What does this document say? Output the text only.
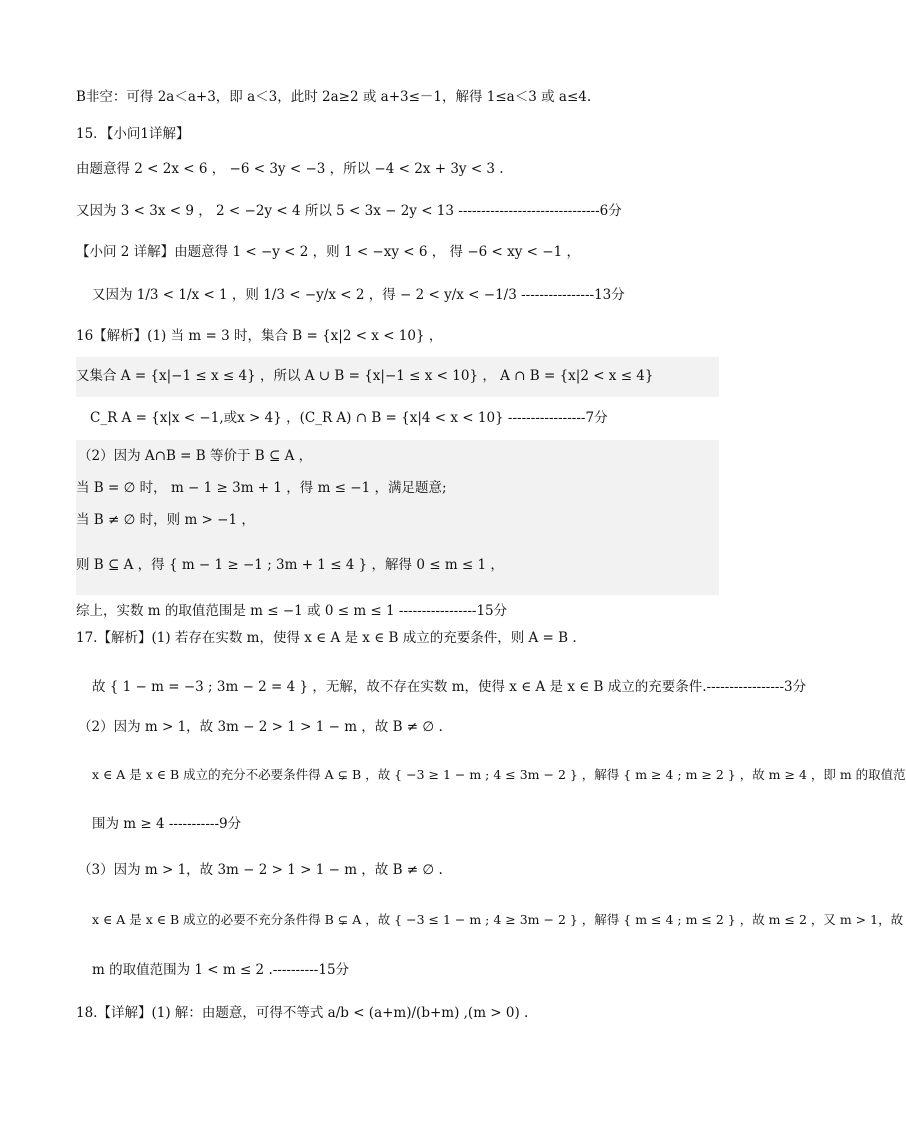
B非空：可得 2a＜a+3，即 a＜3，此时 2a≥2 或 a+3≤－1，解得 1≤a＜3 或 a≤4.
15．【小问1详解】
由题意得 2 < 2x < 6 ， −6 < 3y < −3 ，所以 −4 < 2x + 3y < 3 .
又因为 3 < 3x < 9 ， 2 < −2y < 4 所以 5 < 3x − 2y < 13 -------------------------------6分
【小问 2 详解】由题意得 1 < −y < 2 ，则 1 < −xy < 6 ， 得 −6 < xy < −1 ，
又因为 1/3 < 1/x < 1 ，则 1/3 < −y/x < 2 ，得 − 2 < y/x < −1/3 ----------------13分
16【解析】(1) 当 m = 3 时，集合 B = {x|2 < x < 10} ，
又集合 A = {x|−1 ≤ x ≤ 4} ，所以 A ∪ B = {x|−1 ≤ x < 10} ， A ∩ B = {x|2 < x ≤ 4}
C_R A = {x|x < −1,或x > 4} ，(C_R A) ∩ B = {x|4 < x < 10} -----------------7分
（2）因为 A∩B = B 等价于 B ⊆ A ，
当 B = ∅ 时， m − 1 ≥ 3m + 1 ，得 m ≤ −1 ，满足题意;
当 B ≠ ∅ 时，则 m > −1 ，
则 B ⊆ A ，得 { m − 1 ≥ −1 ; 3m + 1 ≤ 4 } ，解得 0 ≤ m ≤ 1 ，
综上，实数 m 的取值范围是 m ≤ −1 或 0 ≤ m ≤ 1 -----------------15分
17.【解析】(1) 若存在实数 m，使得 x ∈ A 是 x ∈ B 成立的充要条件，则 A = B .
故 { 1 − m = −3 ; 3m − 2 = 4 } ，无解，故不存在实数 m，使得 x ∈ A 是 x ∈ B 成立的充要条件.-----------------3分
（2）因为 m > 1，故 3m − 2 > 1 > 1 − m ，故 B ≠ ∅ .
x ∈ A 是 x ∈ B 成立的充分不必要条件得 A ⊊ B ，故 { −3 ≥ 1 − m ; 4 ≤ 3m − 2 } ，解得 { m ≥ 4 ; m ≥ 2 } ，故 m ≥ 4 ，即 m 的取值范
围为 m ≥ 4 -----------9分
（3）因为 m > 1，故 3m − 2 > 1 > 1 − m ，故 B ≠ ∅ .
x ∈ A 是 x ∈ B 成立的必要不充分条件得 B ⊊ A ，故 { −3 ≤ 1 − m ; 4 ≥ 3m − 2 } ，解得 { m ≤ 4 ; m ≤ 2 } ，故 m ≤ 2 ，又 m > 1，故
m 的取值范围为 1 < m ≤ 2 .----------15分
18.【详解】(1) 解：由题意，可得不等式 a/b < (a+m)/(b+m) ,(m > 0) .
